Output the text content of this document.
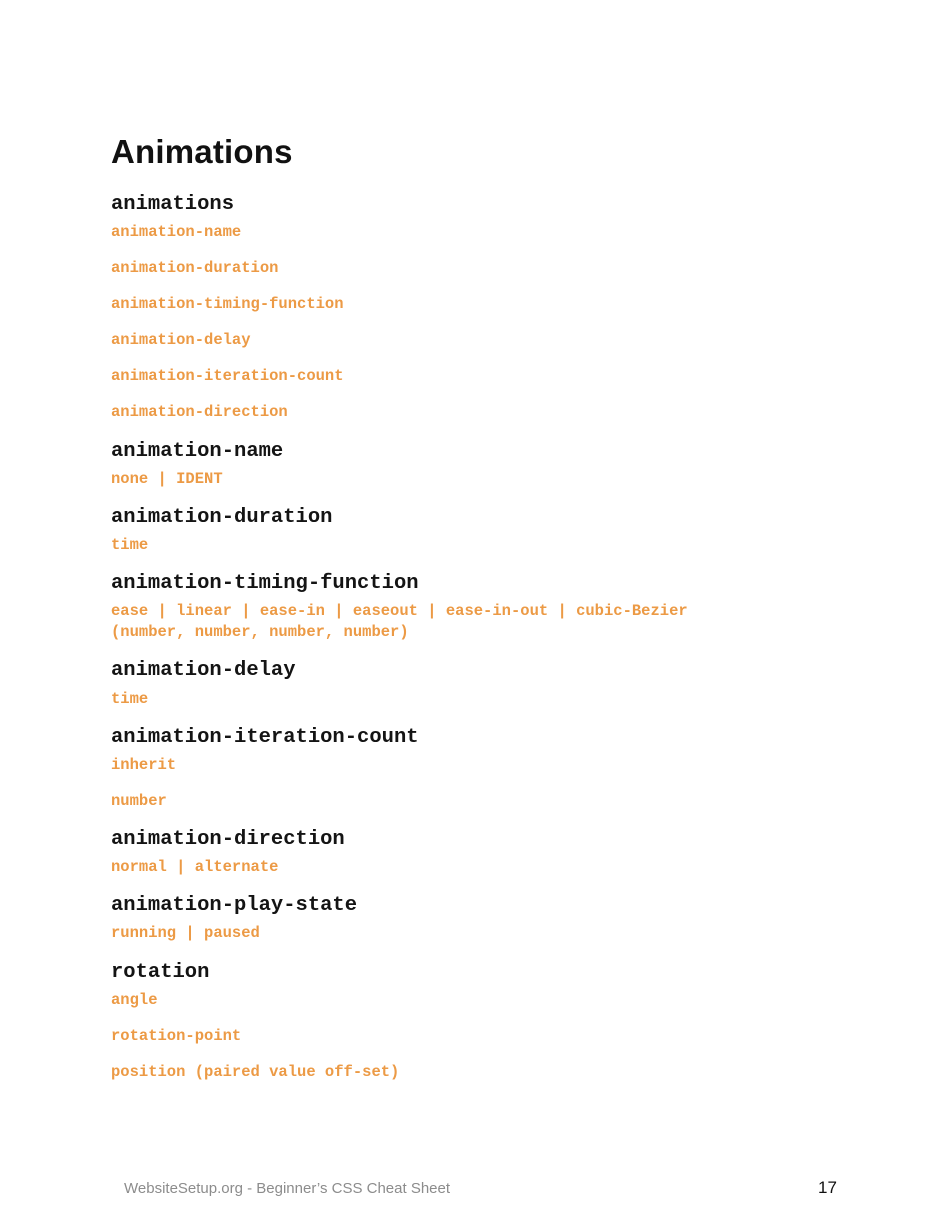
Animations
animations
animation-name
animation-duration
animation-timing-function
animation-delay
animation-iteration-count
animation-direction
animation-name
none | IDENT
animation-duration
time
animation-timing-function
ease | linear | ease-in | easeout | ease-in-out | cubic-Bezier
(number, number, number, number)
animation-delay
time
animation-iteration-count
inherit
number
animation-direction
normal | alternate
animation-play-state
running | paused
rotation
angle
rotation-point
position (paired value off-set)
WebsiteSetup.org - Beginner’s CSS Cheat Sheet	17
